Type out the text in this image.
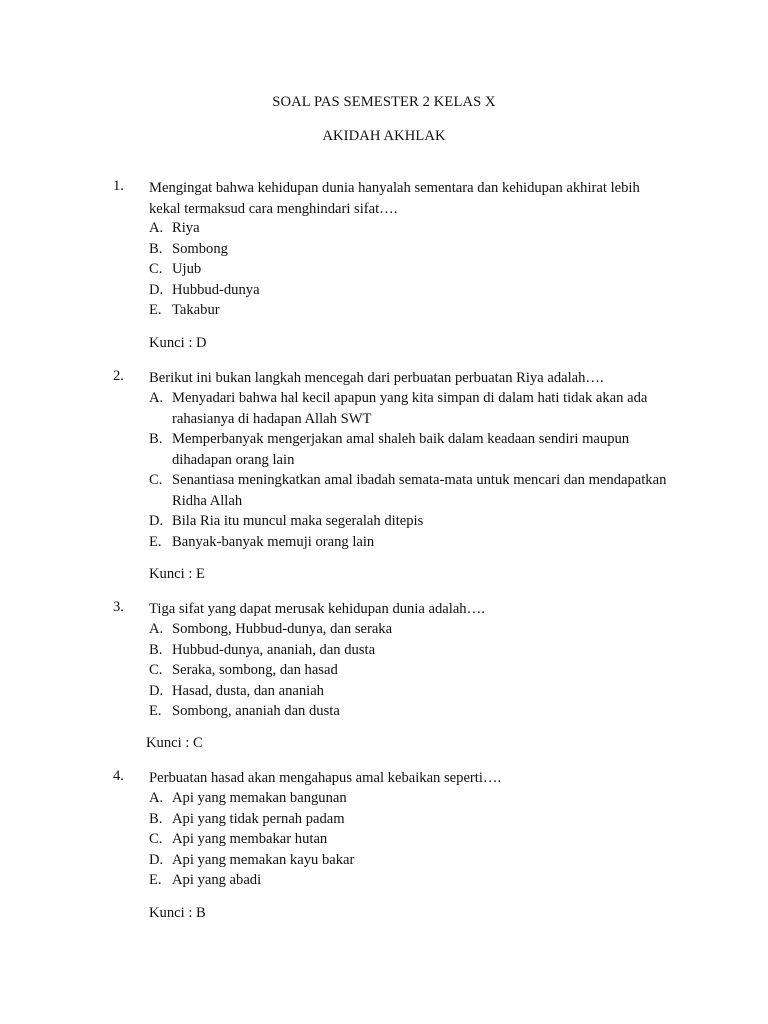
SOAL PAS SEMESTER 2 KELAS X
AKIDAH AKHLAK
1. Mengingat bahwa kehidupan dunia hanyalah sementara dan kehidupan akhirat lebih kekal termaksud cara menghindari sifat….
A. Riya
B. Sombong
C. Ujub
D. Hubbud-dunya
E. Takabur
Kunci : D
2. Berikut ini bukan langkah mencegah dari perbuatan perbuatan Riya adalah….
A. Menyadari bahwa hal kecil apapun yang kita simpan di dalam hati tidak akan ada rahasianya di hadapan Allah SWT
B. Memperbanyak mengerjakan amal shaleh baik dalam keadaan sendiri maupun dihadapan orang lain
C. Senantiasa meningkatkan amal ibadah semata-mata untuk mencari dan mendapatkan Ridha Allah
D. Bila Ria itu muncul maka segeralah ditepis
E. Banyak-banyak memuji orang lain
Kunci : E
3. Tiga sifat yang dapat merusak kehidupan dunia adalah….
A. Sombong, Hubbud-dunya, dan seraka
B. Hubbud-dunya, ananiah, dan dusta
C. Seraka, sombong, dan hasad
D. Hasad, dusta, dan ananiah
E. Sombong, ananiah dan dusta
Kunci : C
4. Perbuatan hasad akan mengahapus amal kebaikan seperti….
A. Api yang memakan bangunan
B. Api yang tidak pernah padam
C. Api yang membakar hutan
D. Api yang memakan kayu bakar
E. Api yang abadi
Kunci : B
